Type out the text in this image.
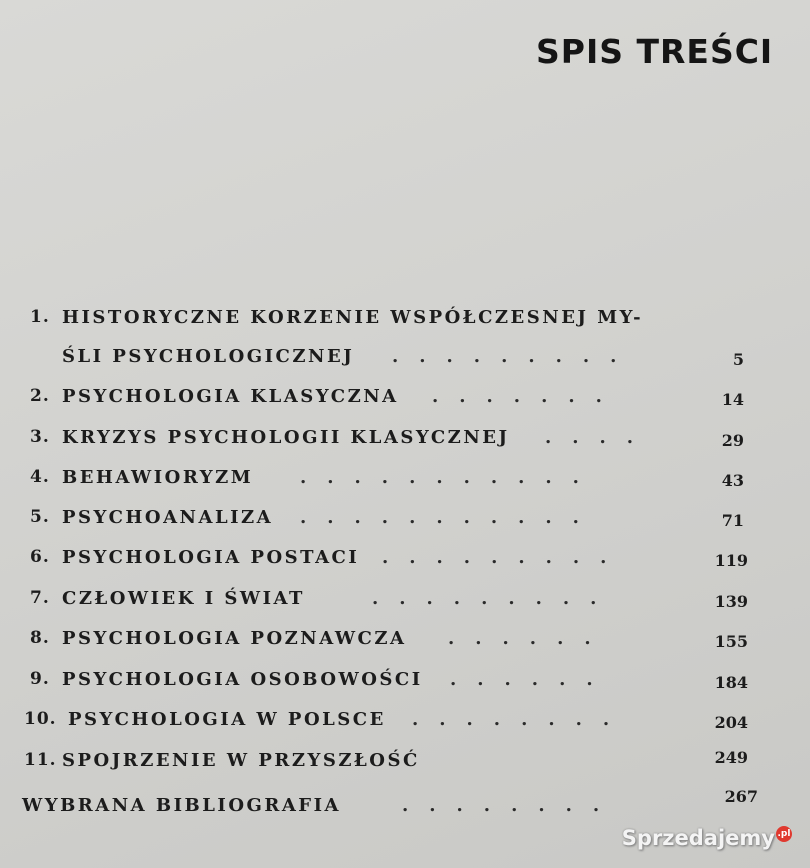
SPIS TREŚCI
1. HISTORYCZNE KORZENIE WSPÓŁCZESNEJ MY-
ŚLI PSYCHOLOGICZNEJ .........	5
2. PSYCHOLOGIA KLASYCZNA .......	14
3. KRYZYS PSYCHOLOGII KLASYCZNEJ ....	29
4. BEHAWIORYZM	...........	43
5. PSYCHOANALIZA ...........	71
6. PSYCHOLOGIA POSTACI .........	119
7. CZŁOWIEK I ŚWIAT	.........	139
8. PSYCHOLOGIA POZNAWCZA ......	155
9. PSYCHOLOGIA OSOBOWOŚCI ......	184
10. PSYCHOLOGIA W POLSCE ........	204
11. SPOJRZENIE W PRZYSZŁOŚĆ	249
WYBRANA BIBLIOGRAFIA	........	267
Sprzedajemy .pl
